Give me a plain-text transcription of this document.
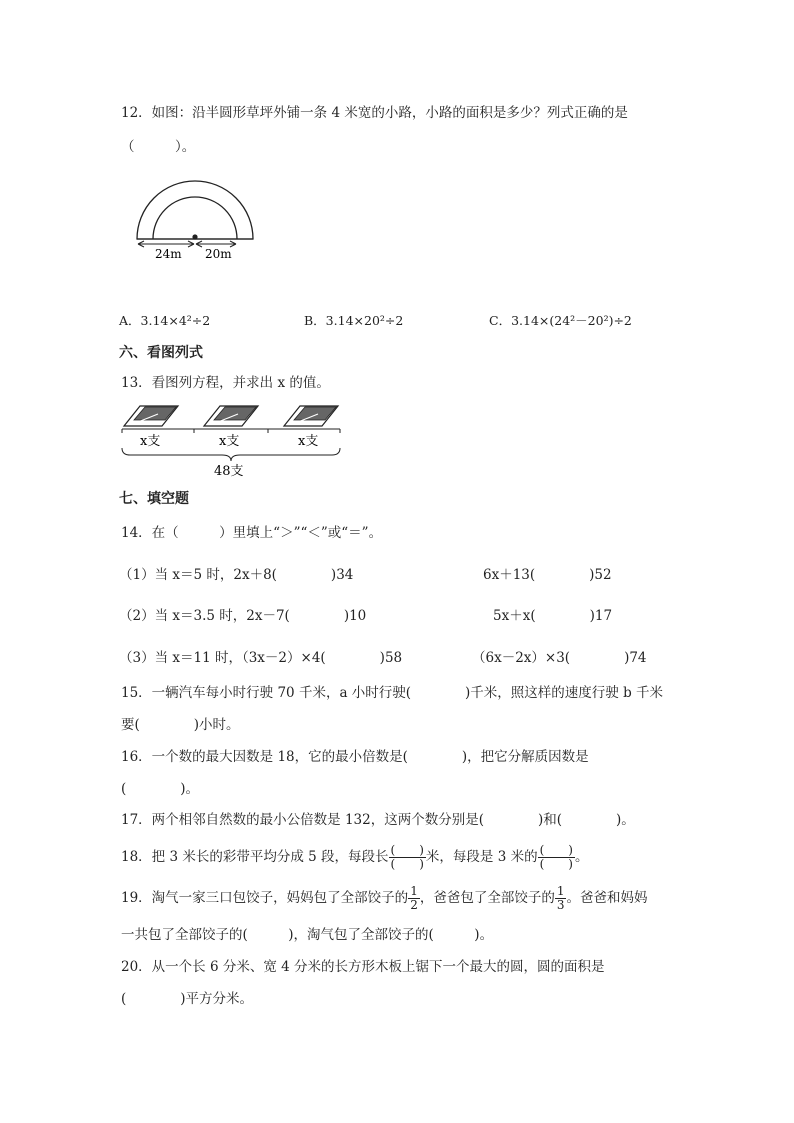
12．如图：沿半圆形草坪外铺一条 4 米宽的小路，小路的面积是多少？列式正确的是
（　　　）。
24m 20m
A．3.14×4²÷2	B．3.14×20²÷2	C．3.14×(24²－20²)÷2
六、看图列式
13．看图列方程，并求出 x 的值。
x支	x支	x支
48支
七、填空题
14．在（　　　）里填上“＞”“＜”或“＝”。
（1）当 x＝5 时，2x＋8(　　　　)34	6x＋13(　　　　)52
（2）当 x＝3.5 时，2x－7(　　　　)10	5x＋x(　　　　)17
（3）当 x＝11 时，（3x－2）×4(　　　　)58	（6x－2x）×3(　　　　)74
15．一辆汽车每小时行驶 70 千米，a 小时行驶(　　　　)千米，照这样的速度行驶 b 千米
要(　　　　)小时。
16．一个数的最大因数是 18，它的最小倍数是(　　　　)，把它分解质因数是
(　　　　)。
17．两个相邻自然数的最小公倍数是 132，这两个数分别是(　　　　)和(　　　　)。
18．把 3 米长的彩带平均分成 5 段，每段长 $\frac{( )}{( )}$ 米，每段是 3 米的 $\frac{( )}{( )}$ 。
19．淘气一家三口包饺子，妈妈包了全部饺子的 $\frac{1}{2}$ ，爸爸包了全部饺子的 $\frac{1}{3}$ 。爸爸和妈妈
一共包了全部饺子的(　　　)，淘气包了全部饺子的(　　　)。
20．从一个长 6 分米、宽 4 分米的长方形木板上锯下一个最大的圆，圆的面积是
(　　　　)平方分米。
